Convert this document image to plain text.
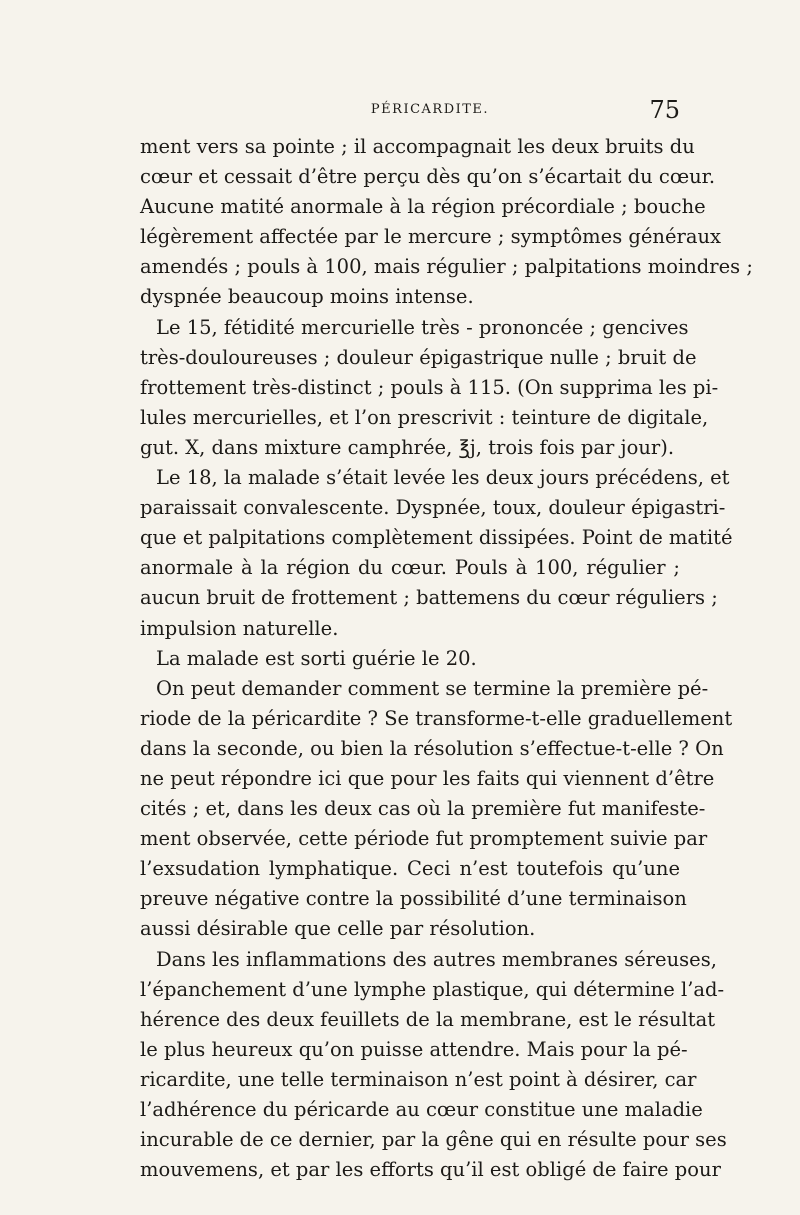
PÉRICARDITE.	75
ment vers sa pointe ; il accompagnait les deux bruits du
cœur et cessait d’être perçu dès qu’on s’écartait du cœur.
Aucune matité anormale à la région précordiale ; bouche
légèrement affectée par le mercure ; symptômes généraux
amendés ; pouls à 100, mais régulier ; palpitations moindres ;
dyspnée beaucoup moins intense.
Le 15, fétidité mercurielle très - prononcée ; gencives
très-douloureuses ; douleur épigastrique nulle ; bruit de
frottement très-distinct ; pouls à 115. (On supprima les pi-
lules mercurielles, et l’on prescrivit : teinture de digitale,
gut. X, dans mixture camphrée, ℥j, trois fois par jour).
Le 18, la malade s’était levée les deux jours précédens, et
paraissait convalescente. Dyspnée, toux, douleur épigastri-
que et palpitations complètement dissipées. Point de matité
anormale à la région du cœur. Pouls à 100, régulier ;
aucun bruit de frottement ; battemens du cœur réguliers ;
impulsion naturelle.
La malade est sorti guérie le 20.
On peut demander comment se termine la première pé-
riode de la péricardite ? Se transforme-t-elle graduellement
dans la seconde, ou bien la résolution s’effectue-t-elle ? On
ne peut répondre ici que pour les faits qui viennent d’être
cités ; et, dans les deux cas où la première fut manifeste-
ment observée, cette période fut promptement suivie par
l’exsudation lymphatique. Ceci n’est toutefois qu’une
preuve négative contre la possibilité d’une terminaison
aussi désirable que celle par résolution.
Dans les inflammations des autres membranes séreuses,
l’épanchement d’une lymphe plastique, qui détermine l’ad-
hérence des deux feuillets de la membrane, est le résultat
le plus heureux qu’on puisse attendre. Mais pour la pé-
ricardite, une telle terminaison n’est point à désirer, car
l’adhérence du péricarde au cœur constitue une maladie
incurable de ce dernier, par la gêne qui en résulte pour ses
mouvemens, et par les efforts qu’il est obligé de faire pour
